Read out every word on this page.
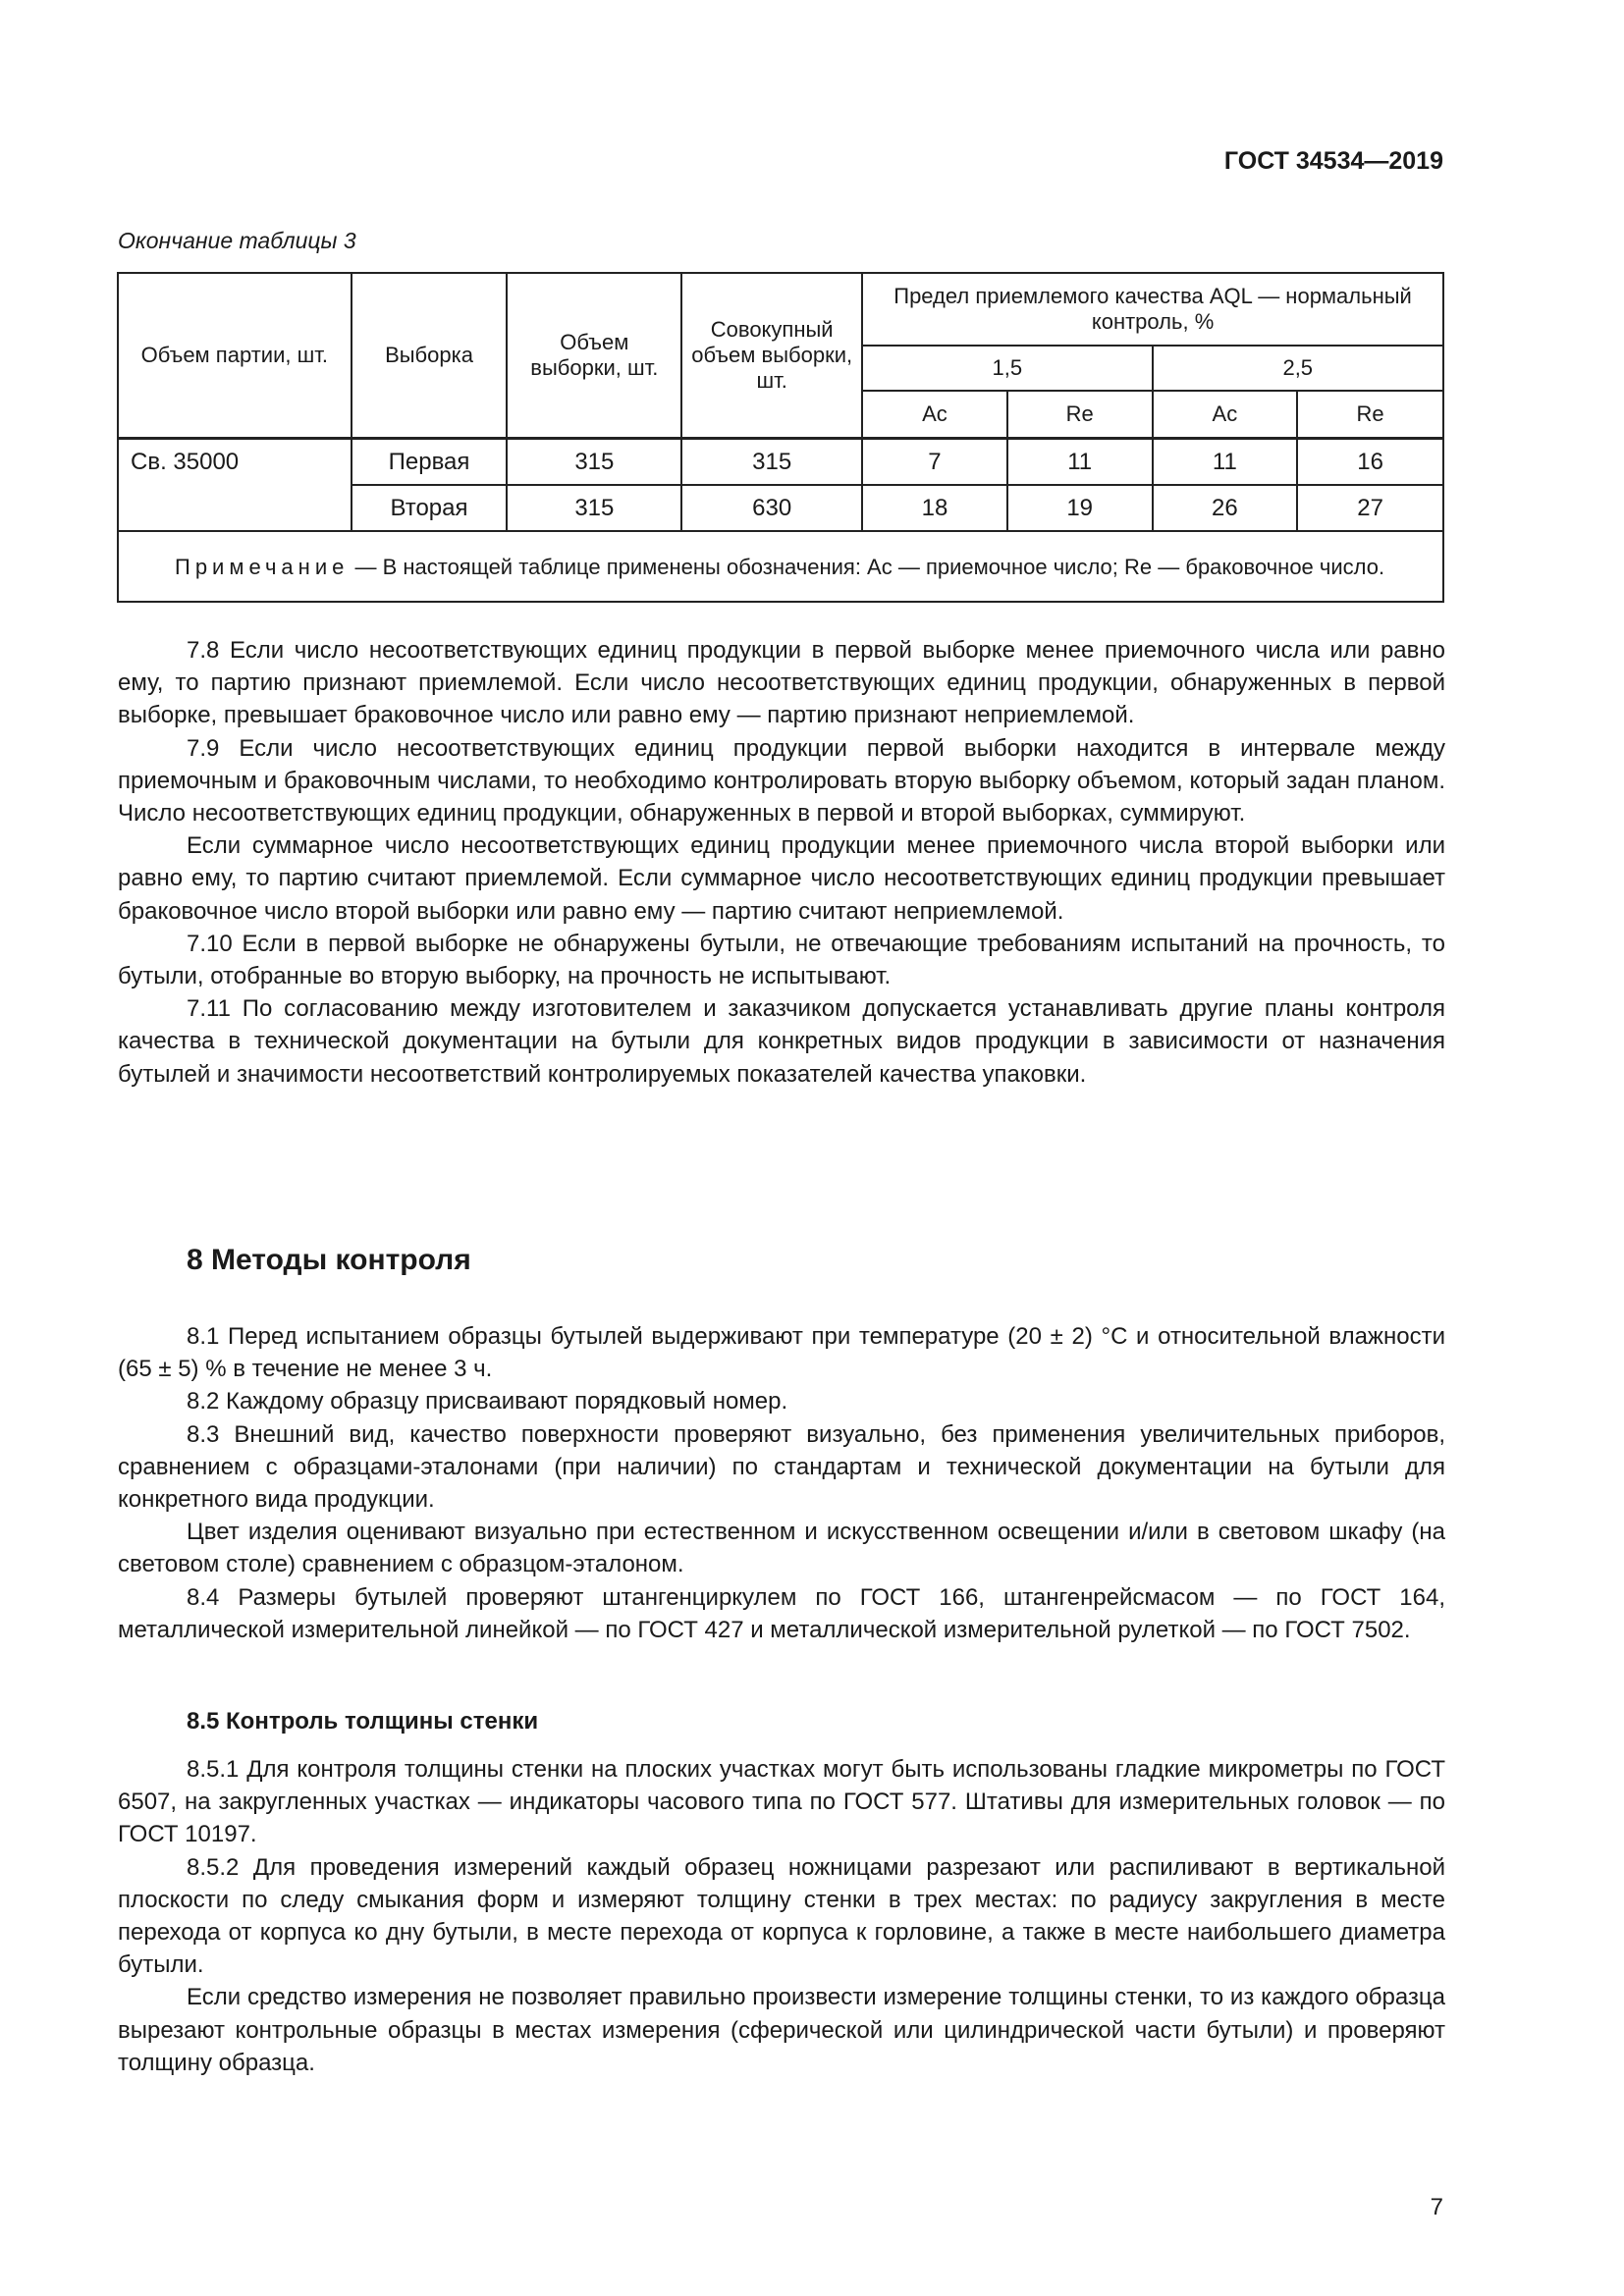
ГОСТ 34534—2019
Окончание таблицы 3
Объем партии, шт.	Выборка	Объем выборки, шт.	Совокупный объем выборки, шт.	Предел приемлемого качества AQL — нормальный контроль, %			
				1,5		2,5	
				Ac	Re	Ac	Re
Св. 35000	Первая	315	315	7	11	11	16
	Вторая	315	630	18	19	26	27
Примечание — В настоящей таблице применены обозначения: Ac — приемочное число; Re — браковочное число.							

7.8 Если число несоответствующих единиц продукции в первой выборке менее приемочного числа или равно ему, то партию признают приемлемой. Если число несоответствующих единиц продукции, обнаруженных в первой выборке, превышает браковочное число или равно ему — партию признают неприемлемой.

7.9 Если число несоответствующих единиц продукции первой выборки находится в интервале между приемочным и браковочным числами, то необходимо контролировать вторую выборку объемом, который задан планом. Число несоответствующих единиц продукции, обнаруженных в первой и второй выборках, суммируют.

Если суммарное число несоответствующих единиц продукции менее приемочного числа второй выборки или равно ему, то партию считают приемлемой. Если суммарное число несоответствующих единиц продукции превышает браковочное число второй выборки или равно ему — партию считают неприемлемой.

7.10 Если в первой выборке не обнаружены бутыли, не отвечающие требованиям испытаний на прочность, то бутыли, отобранные во вторую выборку, на прочность не испытывают.

7.11 По согласованию между изготовителем и заказчиком допускается устанавливать другие планы контроля качества в технической документации на бутыли для конкретных видов продукции в зависимости от назначения бутылей и значимости несоответствий контролируемых показателей качества упаковки.

8 Методы контроля

8.1 Перед испытанием образцы бутылей выдерживают при температуре (20 ± 2) °С и относительной влажности (65 ± 5) % в течение не менее 3 ч.

8.2 Каждому образцу присваивают порядковый номер.

8.3 Внешний вид, качество поверхности проверяют визуально, без применения увеличительных приборов, сравнением с образцами-эталонами (при наличии) по стандартам и технической документации на бутыли для конкретного вида продукции.

Цвет изделия оценивают визуально при естественном и искусственном освещении и/или в световом шкафу (на световом столе) сравнением с образцом-эталоном.

8.4 Размеры бутылей проверяют штангенциркулем по ГОСТ 166, штангенрейсмасом — по ГОСТ 164, металлической измерительной линейкой — по ГОСТ 427 и металлической измерительной рулеткой — по ГОСТ 7502.

8.5 Контроль толщины стенки

8.5.1 Для контроля толщины стенки на плоских участках могут быть использованы гладкие микрометры по ГОСТ 6507, на закругленных участках — индикаторы часового типа по ГОСТ 577. Штативы для измерительных головок — по ГОСТ 10197.

8.5.2 Для проведения измерений каждый образец ножницами разрезают или распиливают в вертикальной плоскости по следу смыкания форм и измеряют толщину стенки в трех местах: по радиусу закругления в месте перехода от корпуса ко дну бутыли, в месте перехода от корпуса к горловине, а также в месте наибольшего диаметра бутыли.

Если средство измерения не позволяет правильно произвести измерение толщины стенки, то из каждого образца вырезают контрольные образцы в местах измерения (сферической или цилиндрической части бутыли) и проверяют толщину образца.

7
